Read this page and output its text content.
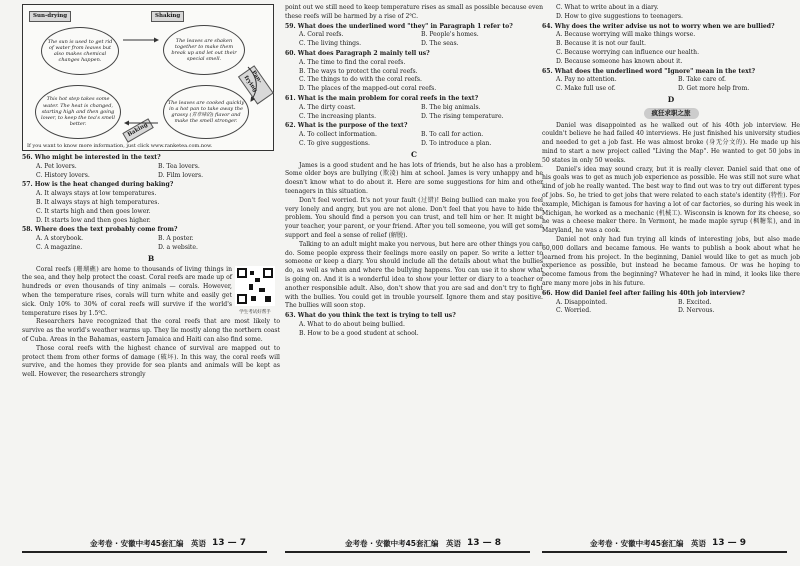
The sun is used to get rid of water from leaves but also makes chemical changes happen.
The leaves are shaken together to make them break up and let out their special smell.
This hot step takes some water. The heat is changed, starting high and then going lower, to keep the tea's smell better.
The leaves are cooked quickly in a hot pan to take away the grassy (青草味的) flavor and make the smell stronger.
Sun-drying	Shaking
Pan-frying
Baking
If you want to know more information, just click www.ranketea.com.now.
56. Who might be interested in the text?
A. Pet lovers.	B. Tea lovers.
C. History lovers.	D. Film lovers.
57. How is the heat changed during baking?
A. It always stays at low temperatures.
B. It always stays at high temperatures.
C. It starts high and then goes lower.
D. It starts low and then goes higher.
58. Where does the text probably come from?
A. A storybook.	B. A poster.
C. A magazine.	D. a website.
B
学生考试好帮手
Coral reefs (珊瑚礁) are home to thousands of living things in the sea, and they help protect the coast. Coral reefs are made up of hundreds or even thousands of tiny animals — corals. However, when the temperature rises, corals will turn white and easily get sick. Only 10% to 30% of coral reefs will survive if the world's temperature rises by 1.5℃.
Researchers have recognized that the coral reefs that are most likely to survive as the world's weather warms up. They lie mostly along the northern coast of Cuba. Areas in the Bahamas, eastern Jamaica and Haiti can also find some.
Those coral reefs with the highest chance of survival are mapped out to protect them from other forms of damage (破坏). In this way, the coral reefs will survive, and the homes they provide for sea plants and animals will be kept as well. However, the researchers strongly
point out we still need to keep temperature rises as small as possible because even these reefs will be harmed by a rise of 2℃.
59. What does the underlined word "they" in Paragraph 1 refer to?
A. Coral reefs.	B. People's homes.
C. The living things.	D. The seas.
60. What does Paragraph 2 mainly tell us?
A. The time to find the coral reefs.
B. The ways to protect the coral reefs.
C. The things to do with the coral reefs.
D. The places of the mapped-out coral reefs.
61. What is the main problem for coral reefs in the text?
A. The dirty coast.	B. The big animals.
C. The increasing plants.	D. The rising temperature.
62. What is the purpose of the text?
A. To collect information.	B. To call for action.
C. To give suggestions.	D. To introduce a plan.
C
James is a good student and he has lots of friends, but he also has a problem. Some older boys are bullying (欺凌) him at school. James is very unhappy and he doesn't know what to do about it. Here are some suggestions for him and other teenagers in this situation.
Don't feel worried. It's not your fault (过错)! Being bullied can make you feel very lonely and angry, but you are not alone. Don't feel that you have to hide the problem. You should find a person you can trust, and tell him or her. It might be your teacher, your parent, or your friend. After you tell someone, you will get some support and feel a sense of relief (解脱).
Talking to an adult might make you nervous, but here are other things you can do. Some people express their feelings more easily on paper. So write a letter to someone or keep a diary. You should include all the details about what the bullies do, as well as when and where the bullying happens. You can use it to show what is going on. And it is a wonderful idea to show your letter or diary to a teacher or another responsible adult. Also, don't show that you are sad and don't try to fight with the bullies. You could get in trouble yourself. Ignore them and stay positive. The bullies will soon stop.
63. What do you think the text is trying to tell us?
A. What to do about being bullied.
B. How to be a good student at school.
C. What to write about in a diary.
D. How to give suggestions to teenagers.
64. Why does the writer advise us not to worry when we are bullied?
A. Because worrying will make things worse.
B. Because it is not our fault.
C. Because worrying can influence our health.
D. Because someone has known about it.
65. What does the underlined word "Ignore" mean in the text?
A. Pay no attention.	B. Take care of.
C. Make full use of.	D. Get more help from.
D
疯狂求职之旅
Daniel was disappointed as he walked out of his 40th job interview. He couldn't believe he had failed 40 interviews. He just finished his university studies and needed to get a job fast. He was almost broke (身无分文的). He made up his mind to start a new project called "Living the Map". He wanted to get 50 jobs in 50 states in only 50 weeks.
Daniel's idea may sound crazy, but it is really clever. Daniel said that one of his goals was to get as much job experience as possible. He was still not sure what kind of job he really wanted. The best way to find out was to try out different types of jobs. So, he tried to get jobs that were related to each state's identity (特性). For example, Michigan is famous for having a lot of car factories, so during his week in Michigan, he worked as a mechanic (机械工). Wisconsin is known for its cheese, so he was a cheese maker there. In Vermont, he made maple syrup (枫糖浆), and in Maryland, he was a cook.
Daniel not only had fun trying all kinds of interesting jobs, but also made 60,000 dollars and became famous. He wants to publish a book about what he learned from his project. In the beginning, Daniel would like to get as much job experience as possible, but instead he became famous. Or was he hoping to become famous from the beginning? Whatever he had in mind, it looks like there are many more jobs in his future.
66. How did Daniel feel after failing his 40th job interview?
A. Disappointed.	B. Excited.
C. Worried.	D. Nervous.
金考卷 · 安徽中考45套汇编　英语 13 — 7	金考卷 · 安徽中考45套汇编　英语 13 — 8	金考卷 · 安徽中考45套汇编　英语 13 — 9
